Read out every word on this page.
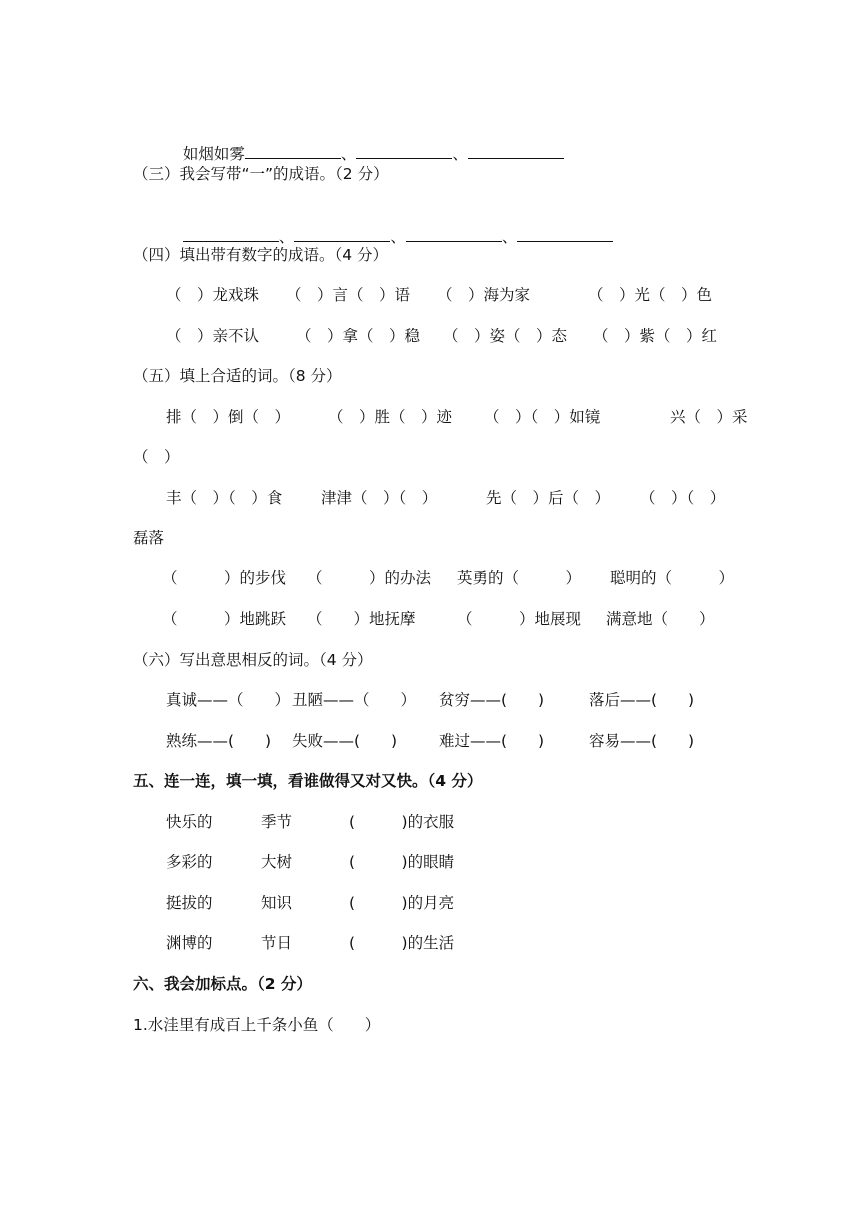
如烟如雾	、	、

（三）我会写带“一”的成语。（2 分）

、	、	、

（四）填出带有数字的成语。（4 分）
（　）龙戏珠 （　）言（　）语 （　）海为家	（　）光（　）色
（　）亲不认 （　）拿（　）稳 （　）姿（　）态 （　）紫（　）红
（五）填上合适的词。（8 分）
排（　）倒（　） （　）胜（　）迹 （　）（　）如镜	兴（　）采
（　）
丰（　）（　）食 津津（　）（　）	先（　）后（　） （　）（　）
磊落
（　　　）的步伐 （　　　）的办法 英勇的（　　　） 聪明的（　　　）
（　　　）地跳跃 （　　）地抚摩	（　　　）地展现 满意地（　　）
（六）写出意思相反的词。（4 分）
真诚——（　　） 丑陋——（　　） 贫穷——(　　)	落后——(　　)
熟练——(　　) 失败——(　　)	难过——(　　)	容易——(　　)
五、连一连，填一填，看谁做得又对又快。（4 分）
快乐的	季节	(　　　)的衣服
多彩的	大树	(　　　)的眼睛
挺拔的	知识	(　　　)的月亮
渊博的	节日	(　　　)的生活
六、我会加标点。（2 分）
1.水洼里有成百上千条小鱼（　　）
